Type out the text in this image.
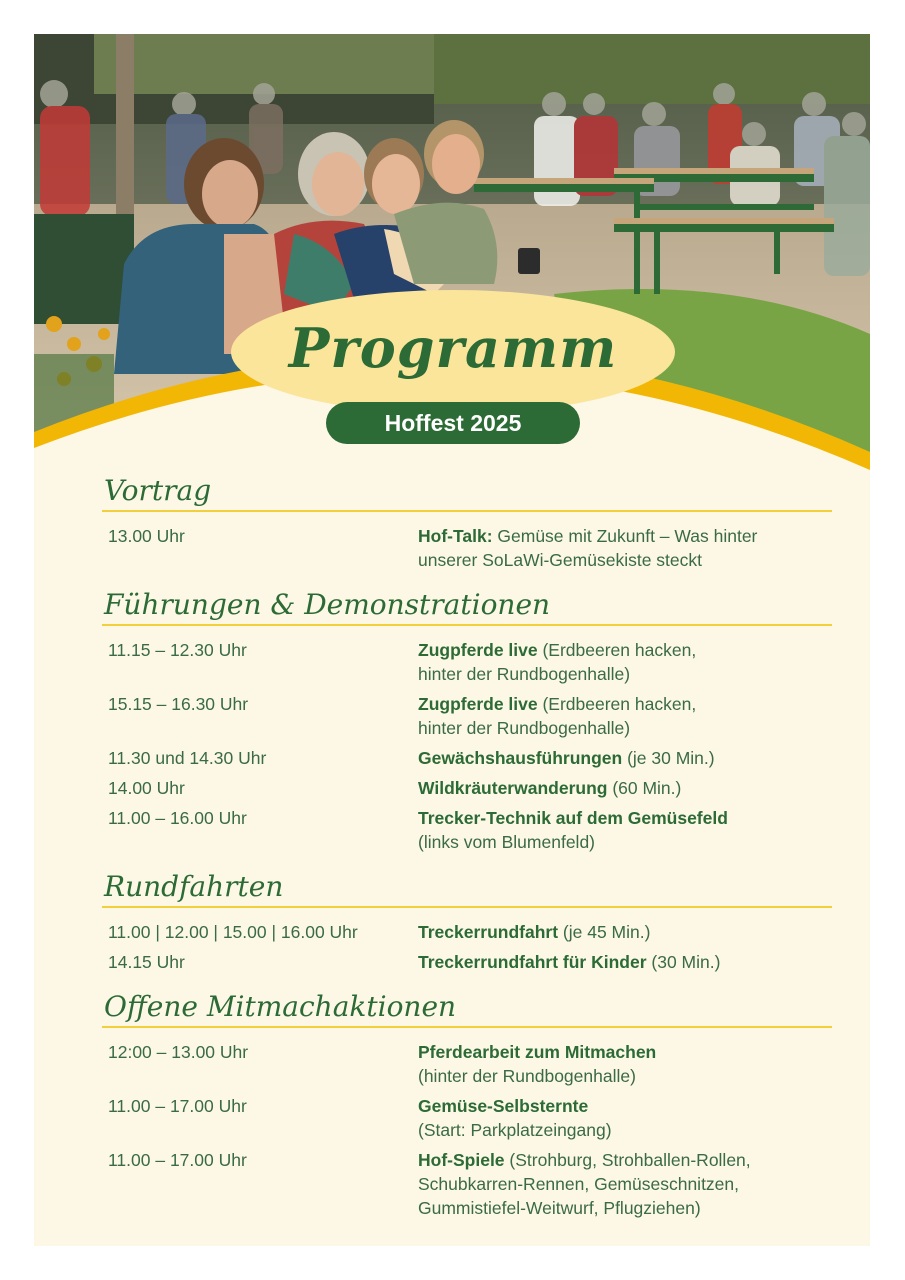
Programm
Hoffest 2025
Vortrag
13.00 Uhr	Hof-Talk: Gemüse mit Zukunft – Was hinter
unserer SoLaWi-Gemüsekiste steckt
Führungen & Demonstrationen
11.15 – 12.30 Uhr	Zugpferde live (Erdbeeren hacken,
hinter der Rundbogenhalle)
15.15 – 16.30 Uhr	Zugpferde live (Erdbeeren hacken,
hinter der Rundbogenhalle)
11.30 und 14.30 Uhr	Gewächshausführungen (je 30 Min.)
14.00 Uhr	Wildkräuterwanderung (60 Min.)
11.00 – 16.00 Uhr	Trecker-Technik auf dem Gemüsefeld
(links vom Blumenfeld)
Rundfahrten
11.00 | 12.00 | 15.00 | 16.00 Uhr	Treckerrundfahrt (je 45 Min.)
14.15 Uhr	Treckerrundfahrt für Kinder (30 Min.)
Offene Mitmachaktionen
12:00 – 13.00 Uhr	Pferdearbeit zum Mitmachen
(hinter der Rundbogenhalle)
11.00 – 17.00 Uhr	Gemüse-Selbsternte
(Start: Parkplatzeingang)
11.00 – 17.00 Uhr	Hof-Spiele (Strohburg, Strohballen-Rollen,
Schubkarren-Rennen, Gemüseschnitzen,
Gummistiefel-Weitwurf, Pflugziehen)
